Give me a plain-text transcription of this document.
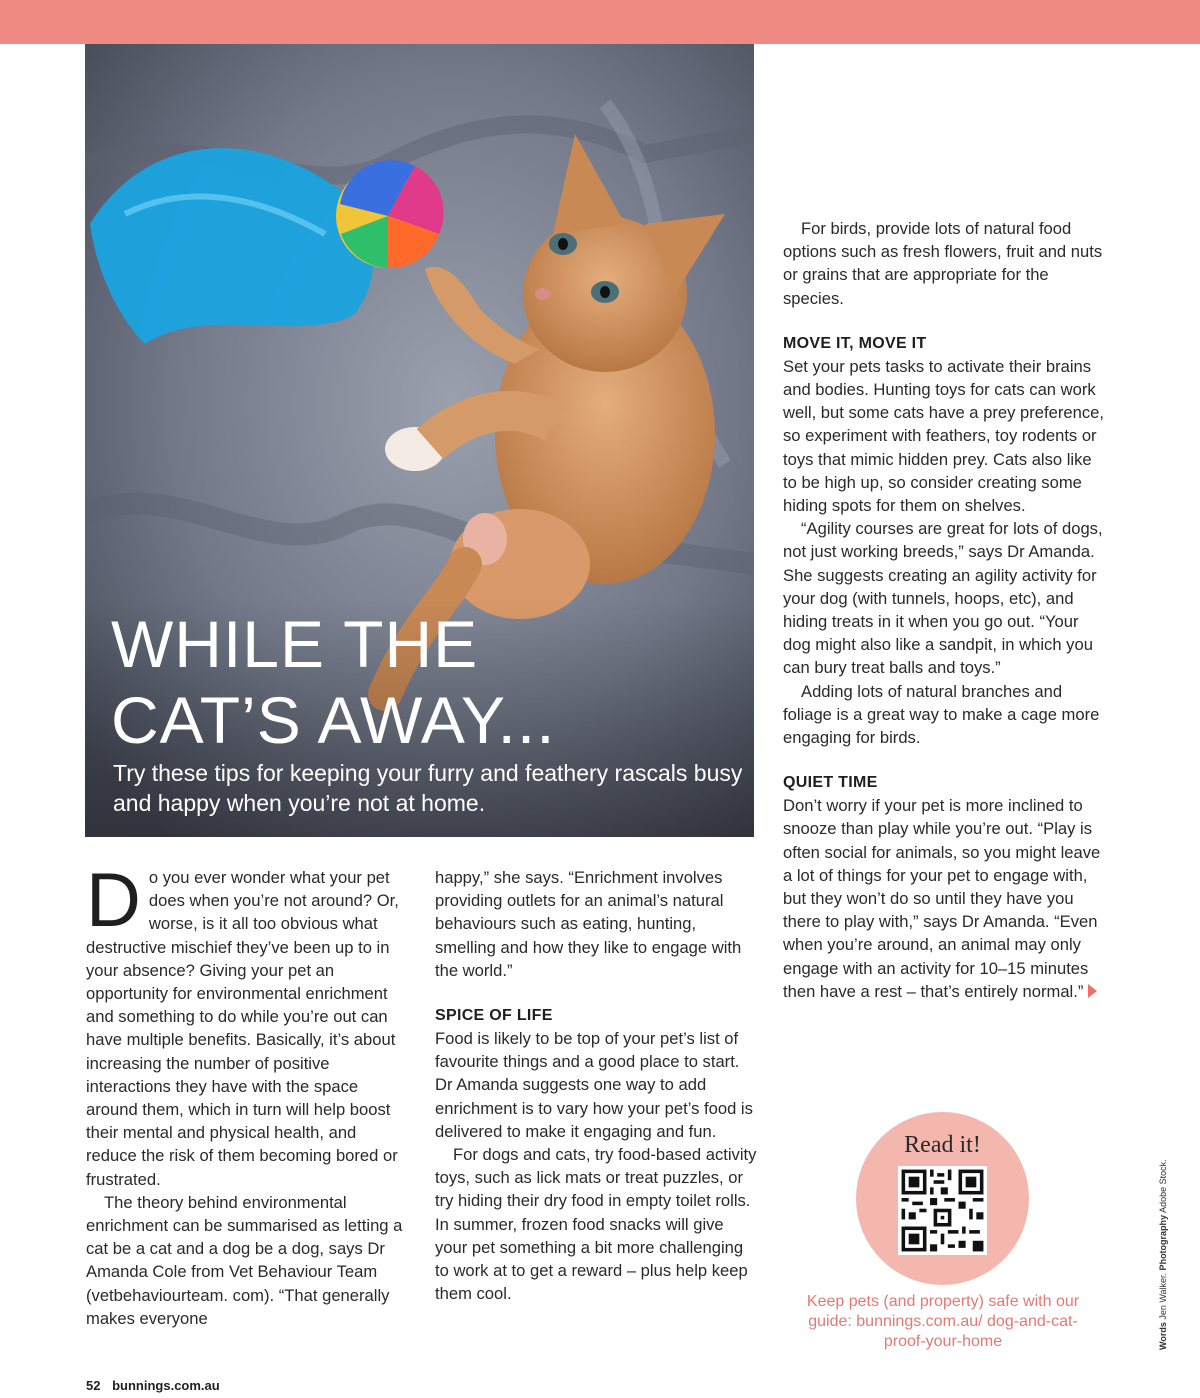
WHILE THE
CAT’S AWAY...
Try these tips for keeping your furry and feathery rascals busy and happy when you’re not at home.
D o you ever wonder what your pet does when you’re not around? Or, worse, is it all too obvious what destructive mischief they’ve been up to in your absence? Giving your pet an opportunity for environmental enrichment and something to do while you’re out can have multiple benefits. Basically, it’s about increasing the number of positive interactions they have with the space around them, which in turn will help boost their mental and physical health, and reduce the risk of them becoming bored or frustrated.

The theory behind environmental enrichment can be summarised as letting a cat be a cat and a dog be a dog, says Dr Amanda Cole from Vet Behaviour Team (vetbehaviourteam. com). “That generally makes everyone

happy,” she says. “Enrichment involves providing outlets for an animal’s natural behaviours such as eating, hunting, smelling and how they like to engage with the world.”

SPICE OF LIFE

Food is likely to be top of your pet’s list of favourite things and a good place to start. Dr Amanda suggests one way to add enrichment is to vary how your pet’s food is delivered to make it engaging and fun.

For dogs and cats, try food-based activity toys, such as lick mats or treat puzzles, or try hiding their dry food in empty toilet rolls. In summer, frozen food snacks will give your pet something a bit more challenging to work at to get a reward – plus help keep them cool.

For birds, provide lots of natural food options such as fresh flowers, fruit and nuts or grains that are appropriate for the species.

MOVE IT, MOVE IT

Set your pets tasks to activate their brains and bodies. Hunting toys for cats can work well, but some cats have a prey preference, so experiment with feathers, toy rodents or toys that mimic hidden prey. Cats also like to be high up, so consider creating some hiding spots for them on shelves.

“Agility courses are great for lots of dogs, not just working breeds,” says Dr Amanda. She suggests creating an agility activity for your dog (with tunnels, hoops, etc), and hiding treats in it when you go out. “Your dog might also like a sandpit, in which you can bury treat balls and toys.”

Adding lots of natural branches and foliage is a great way to make a cage more engaging for birds.

QUIET TIME

Don’t worry if your pet is more inclined to snooze than play while you’re out. “Play is often social for animals, so you might leave a lot of things for your pet to engage with, but they won’t do so until they have you there to play with,” says Dr Amanda. “Even when you’re around, an animal may only engage with an activity for 10–15 minutes then have a rest – that’s entirely normal.”

Read it!
Keep pets (and property) safe with our guide: bunnings.com.au/ dog-and-cat-proof-your-home	Words Jen Walker. Photography Adobe Stock.
52 bunnings.com.au
